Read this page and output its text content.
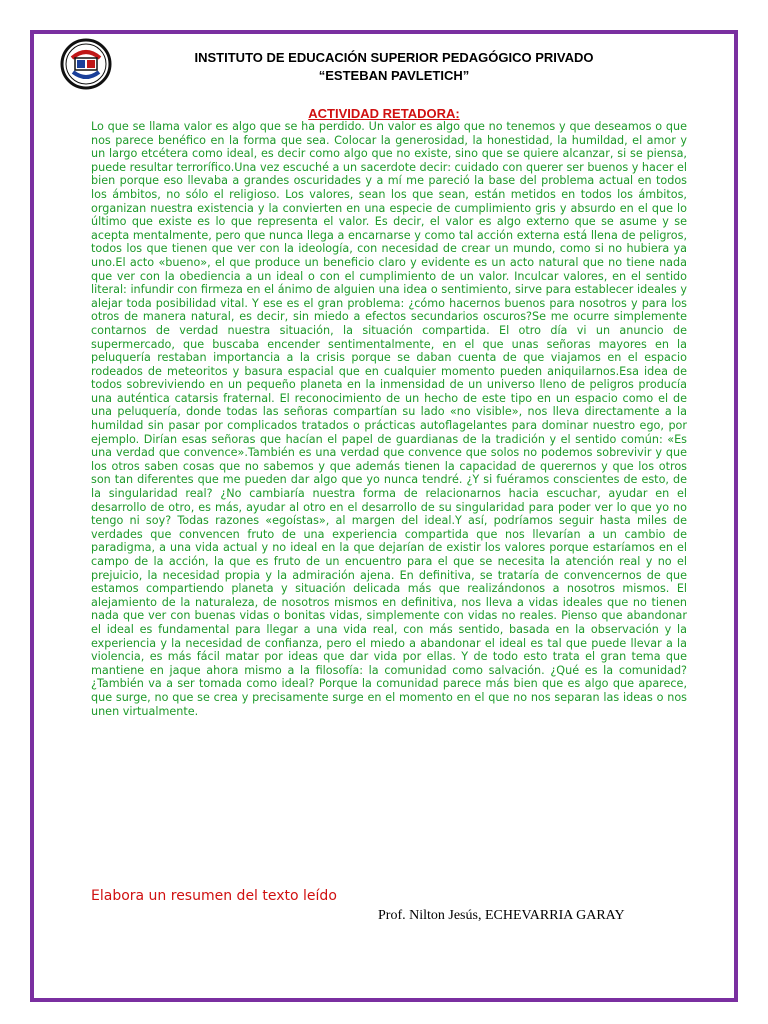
INSTITUTO DE EDUCACIÓN SUPERIOR PEDAGÓGICO PRIVADO
“ESTEBAN PAVLETICH”
ACTIVIDAD RETADORA:

Lo que se llama valor es algo que se ha perdido. Un valor es algo que no tenemos y que deseamos o que nos parece benéfico en la forma que sea. Colocar la generosidad, la honestidad, la humildad, el amor y un largo etcétera como ideal, es decir como algo que no existe, sino que se quiere alcanzar, si se piensa, puede resultar terrorífico.Una vez escuché a un sacerdote decir: cuidado con querer ser buenos y hacer el bien porque eso llevaba a grandes oscuridades y a mí me pareció la base del problema actual en todos los ámbitos, no sólo el religioso. Los valores, sean los que sean, están metidos en todos los ámbitos, organizan nuestra existencia y la convierten en una especie de cumplimiento gris y absurdo en el que lo último que existe es lo que representa el valor. Es decir, el valor es algo externo que se asume y se acepta mentalmente, pero que nunca llega a encarnarse y como tal acción externa está llena de peligros, todos los que tienen que ver con la ideología, con necesidad de crear un mundo, como si no hubiera ya uno.El acto «bueno», el que produce un beneficio claro y evidente es un acto natural que no tiene nada que ver con la obediencia a un ideal o con el cumplimiento de un valor. Inculcar valores, en el sentido literal: infundir con firmeza en el ánimo de alguien una idea o sentimiento, sirve para establecer ideales y alejar toda posibilidad vital. Y ese es el gran problema: ¿cómo hacernos buenos para nosotros y para los otros de manera natural, es decir, sin miedo a efectos secundarios oscuros?Se me ocurre simplemente contarnos de verdad nuestra situación, la situación compartida. El otro día vi un anuncio de supermercado, que buscaba encender sentimentalmente, en el que unas señoras mayores en la peluquería restaban importancia a la crisis porque se daban cuenta de que viajamos en el espacio rodeados de meteoritos y basura espacial que en cualquier momento pueden aniquilarnos.Esa idea de todos sobreviviendo en un pequeño planeta en la inmensidad de un universo lleno de peligros producía una auténtica catarsis fraternal. El reconocimiento de un hecho de este tipo en un espacio como el de una peluquería, donde todas las señoras compartían su lado «no visible», nos lleva directamente a la humildad sin pasar por complicados tratados o prácticas autoflagelantes para dominar nuestro ego, por ejemplo. Dirían esas señoras que hacían el papel de guardianas de la tradición y el sentido común: «Es una verdad que convence».También es una verdad que convence que solos no podemos sobrevivir y que los otros saben cosas que no sabemos y que además tienen la capacidad de querernos y que los otros son tan diferentes que me pueden dar algo que yo nunca tendré. ¿Y si fuéramos conscientes de esto, de la singularidad real? ¿No cambiaría nuestra forma de relacionarnos hacia escuchar, ayudar en el desarrollo de otro, es más, ayudar al otro en el desarrollo de su singularidad para poder ver lo que yo no tengo ni soy? Todas razones «egoístas», al margen del ideal.Y así, podríamos seguir hasta miles de verdades que convencen fruto de una experiencia compartida que nos llevarían a un cambio de paradigma, a una vida actual y no ideal en la que dejarían de existir los valores porque estaríamos en el campo de la acción, la que es fruto de un encuentro para el que se necesita la atención real y no el prejuicio, la necesidad propia y la admiración ajena. En definitiva, se trataría de convencernos de que estamos compartiendo planeta y situación delicada más que realizándonos a nosotros mismos. El alejamiento de la naturaleza, de nosotros mismos en definitiva, nos lleva a vidas ideales que no tienen nada que ver con buenas vidas o bonitas vidas, simplemente con vidas no reales. Pienso que abandonar el ideal es fundamental para llegar a una vida real, con más sentido, basada en la observación y la experiencia y la necesidad de confianza, pero el miedo a abandonar el ideal es tal que puede llevar a la violencia, es más fácil matar por ideas que dar vida por ellas. Y de todo esto trata el gran tema que mantiene en jaque ahora mismo a la filosofía: la comunidad como salvación. ¿Qué es la comunidad? ¿También va a ser tomada como ideal? Porque la comunidad parece más bien que es algo que aparece, que surge, no que se crea y precisamente surge en el momento en el que no nos separan las ideas o nos unen virtualmente.

Elabora un resumen del texto leído
Prof. Nilton Jesús, ECHEVARRIA GARAY
